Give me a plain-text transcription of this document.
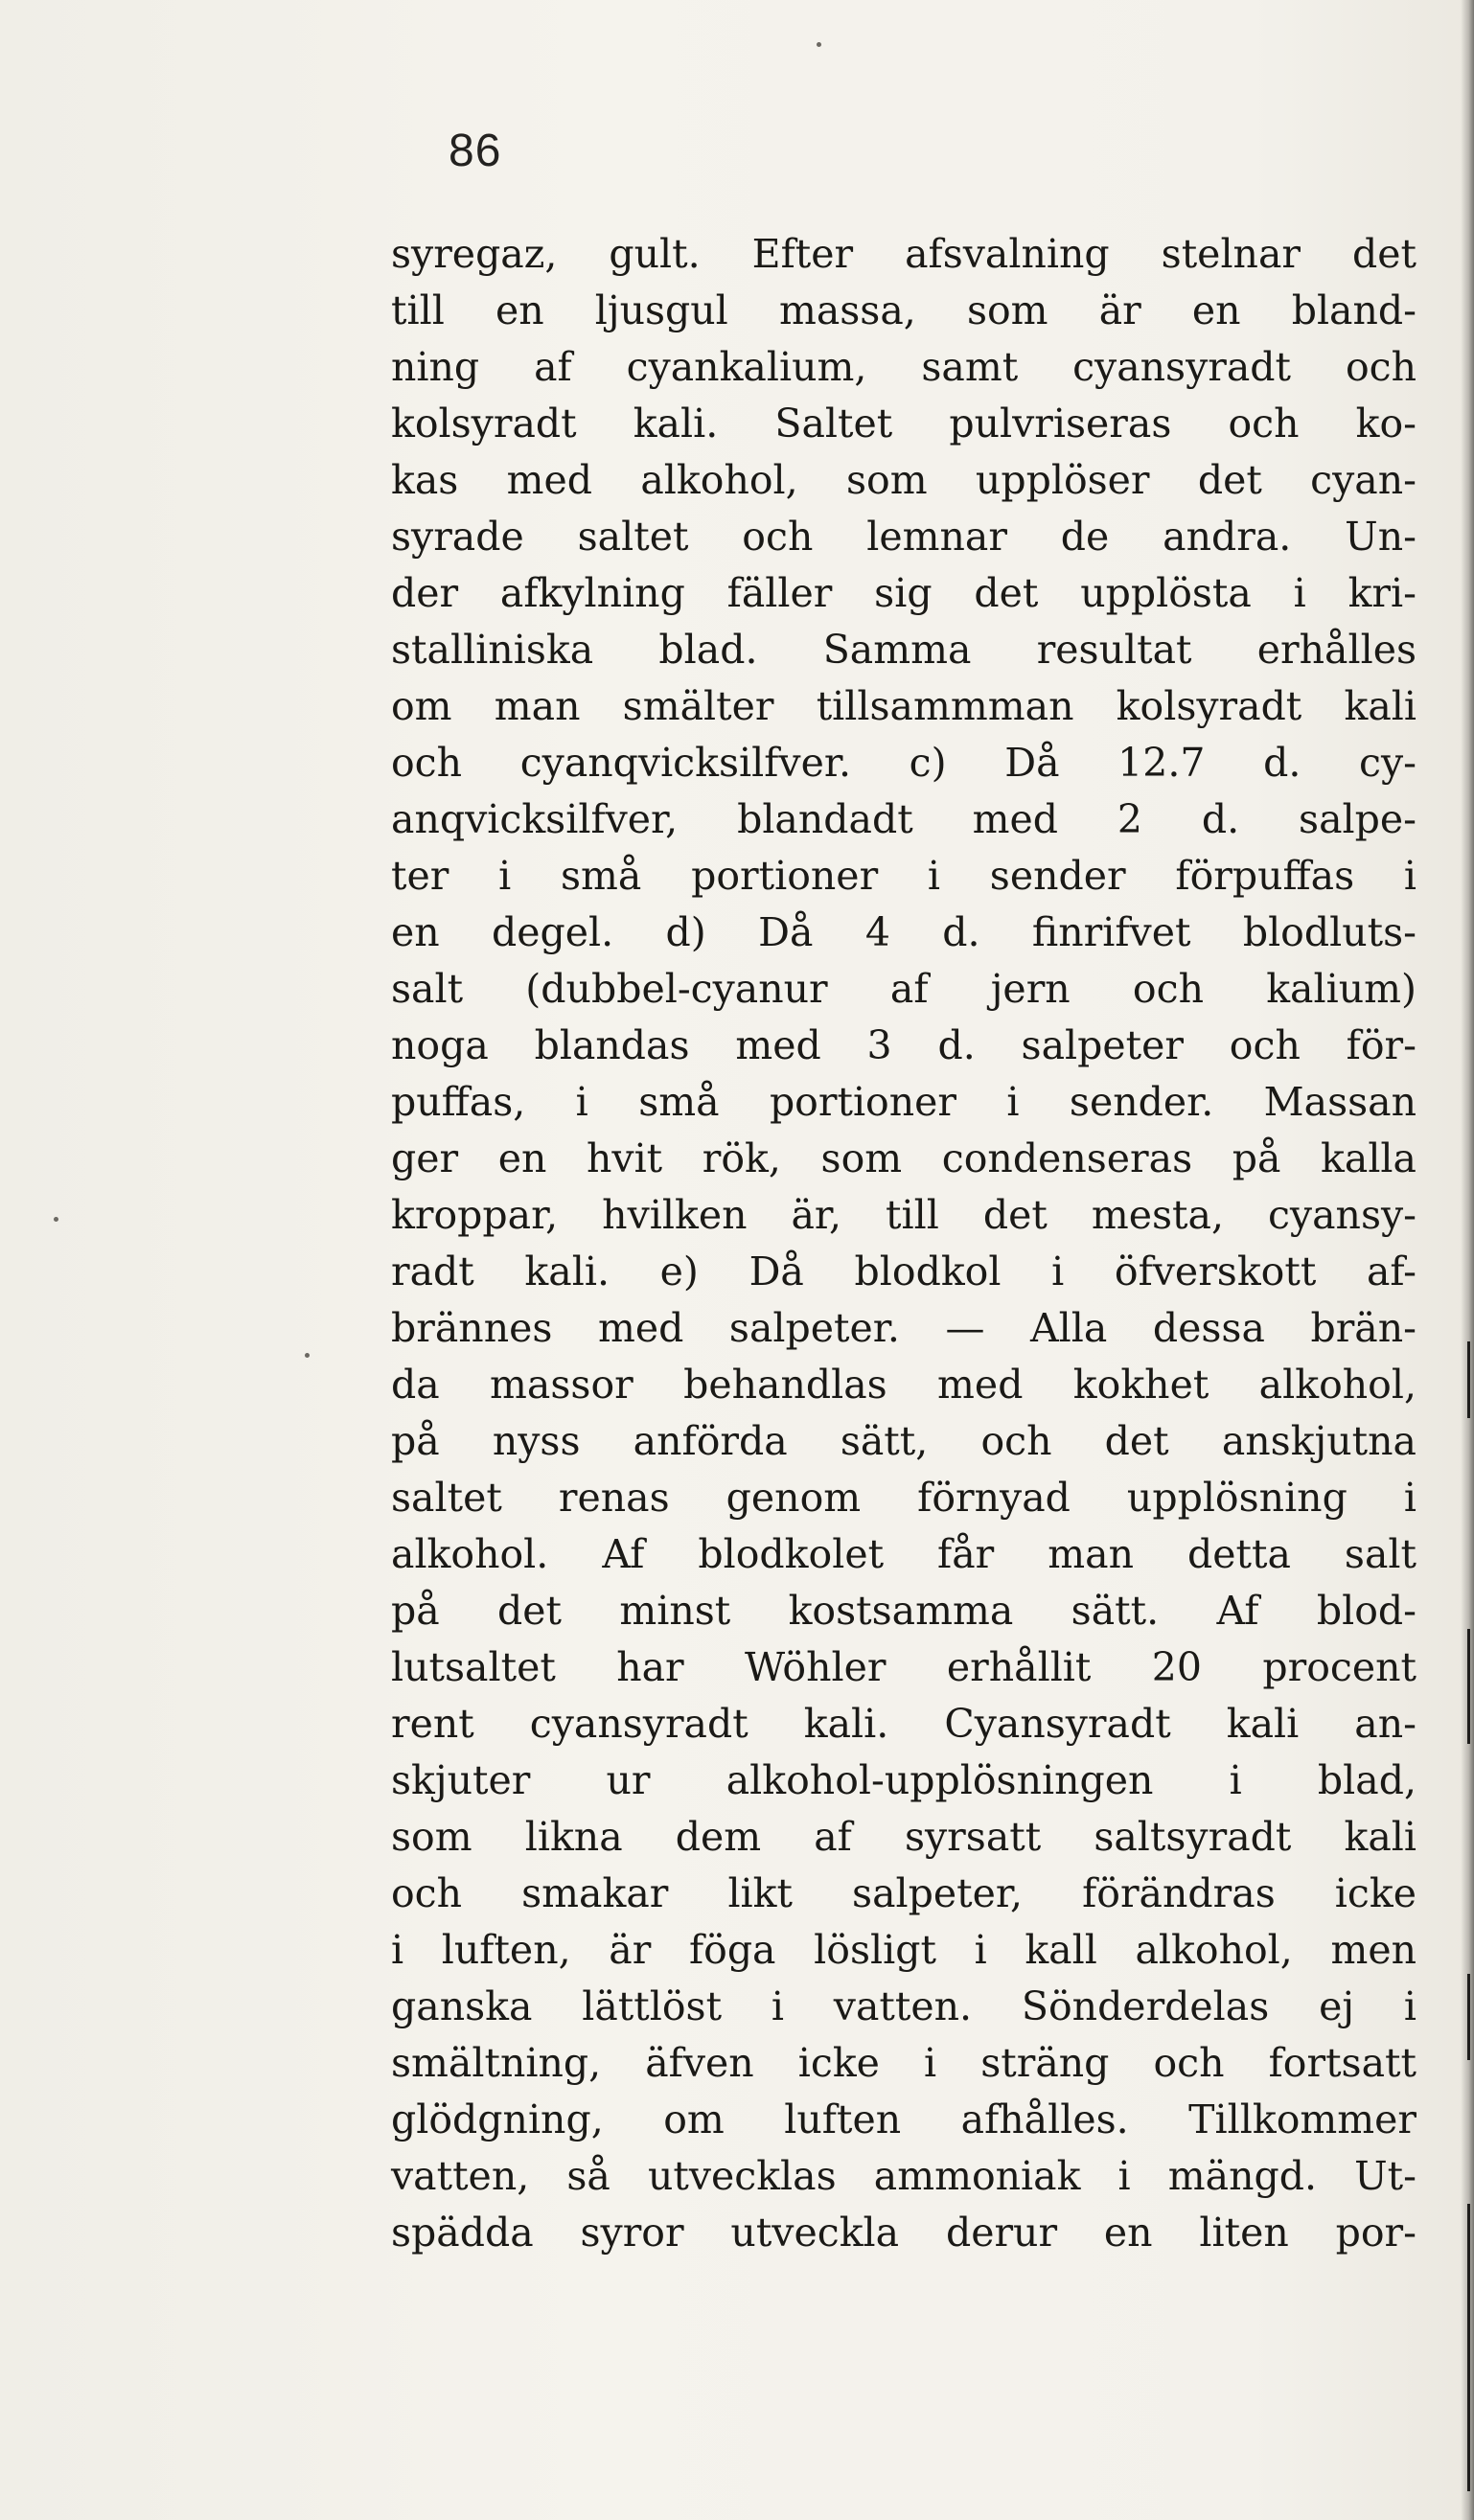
86
syregaz, gult. Efter afsvalning stelnar det
till en ljusgul massa, som är en bland-
ning af cyankalium, samt cyansyradt och
kolsyradt kali. Saltet pulvriseras och ko-
kas med alkohol, som upplöser det cyan-
syrade saltet och lemnar de andra. Un-
der afkylning fäller sig det upplösta i kri-
stalliniska blad. Samma resultat erhålles
om man smälter tillsammman kolsyradt kali
och cyanqvicksilfver. c) Då 12.7 d. cy-
anqvicksilfver, blandadt med 2 d. salpe-
ter i små portioner i sender förpuffas i
en degel. d) Då 4 d. finrifvet blodluts-
salt (dubbel-cyanur af jern och kalium)
noga blandas med 3 d. salpeter och för-
puffas, i små portioner i sender. Massan
ger en hvit rök, som condenseras på kalla
kroppar, hvilken är, till det mesta, cyansy-
radt kali. e) Då blodkol i öfverskott af-
brännes med salpeter. — Alla dessa brän-
da massor behandlas med kokhet alkohol,
på nyss anförda sätt, och det anskjutna
saltet renas genom förnyad upplösning i
alkohol. Af blodkolet får man detta salt
på det minst kostsamma sätt. Af blod-
lutsaltet har Wöhler erhållit 20 procent
rent cyansyradt kali. Cyansyradt kali an-
skjuter ur alkohol-upplösningen i blad,
som likna dem af syrsatt saltsyradt kali
och smakar likt salpeter, förändras icke
i luften, är föga lösligt i kall alkohol, men
ganska lättlöst i vatten. Sönderdelas ej i
smältning, äfven icke i sträng och fortsatt
glödgning, om luften afhålles. Tillkommer
vatten, så utvecklas ammoniak i mängd. Ut-
spädda syror utveckla derur en liten por-
